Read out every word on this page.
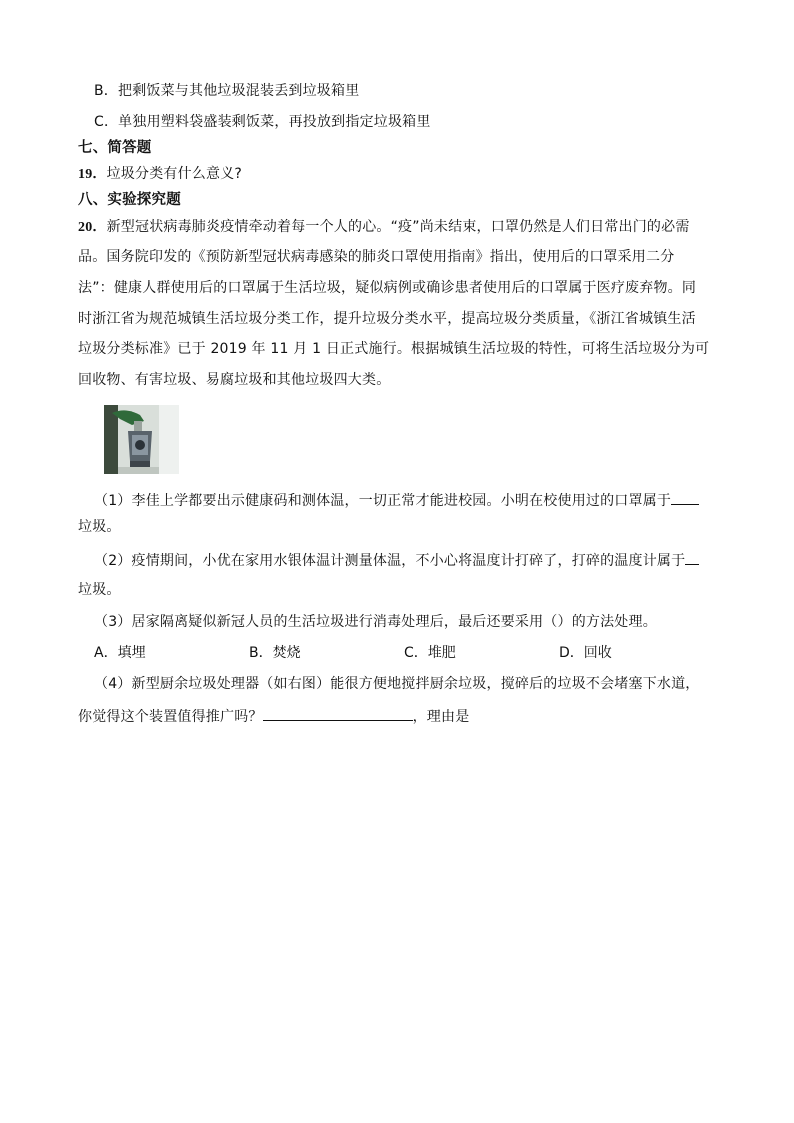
B．把剩饭菜与其他垃圾混装丢到垃圾箱里
C．单独用塑料袋盛装剩饭菜，再投放到指定垃圾箱里
七、简答题
19．垃圾分类有什么意义?
八、实验探究题
20．新型冠状病毒肺炎疫情牵动着每一个人的心。“疫”尚未结束，口罩仍然是人们日常出门的必需
品。国务院印发的《预防新型冠状病毒感染的肺炎口罩使用指南》指出，使用后的口罩采用二分
法”：健康人群使用后的口罩属于生活垃圾，疑似病例或确诊患者使用后的口罩属于医疗废弃物。同
时浙江省为规范城镇生活垃圾分类工作，提升垃圾分类水平，提高垃圾分类质量，《浙江省城镇生活
垃圾分类标准》已于 2019 年 11 月 1 日正式施行。根据城镇生活垃圾的特性，可将生活垃圾分为可
回收物、有害垃圾、易腐垃圾和其他垃圾四大类。
（1）李佳上学都要出示健康码和测体温，一切正常才能进校园。小明在校使用过的口罩属于
垃圾。
（2）疫情期间，小优在家用水银体温计测量体温，不小心将温度计打碎了，打碎的温度计属于
垃圾。
（3）居家隔离疑似新冠人员的生活垃圾进行消毒处理后，最后还要采用（）的方法处理。
A．填埋	B．焚烧	C．堆肥	D．回收
（4）新型厨余垃圾处理器（如右图）能很方便地搅拌厨余垃圾，搅碎后的垃圾不会堵塞下水道，
你觉得这个装置值得推广吗？	，理由是
